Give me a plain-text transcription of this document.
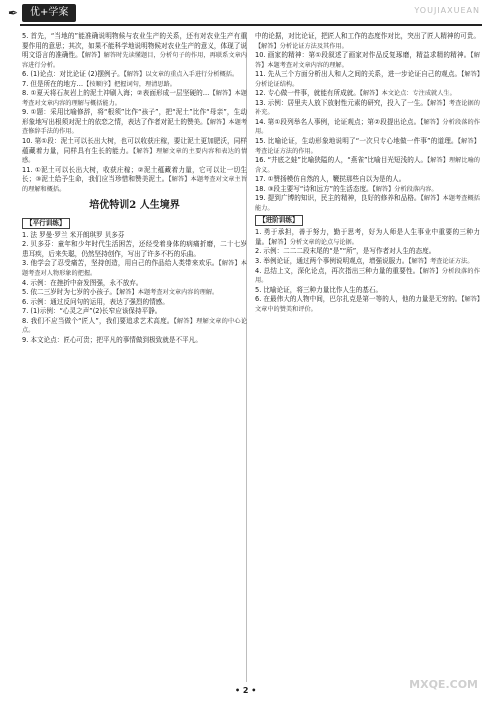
✒ 优+学案	YOUJIAXUEAN
5. 首先，“当地的”能准确说明物候与农业生产的关系，还有对农业生产有重要作用的意思；其次，如果不能科学地说明物候对农业生产的意义，体现了说明文语言的准确性。【解答】解答时先读懂题目，分析句子的作用，再联系文章内容进行分析。
6. (1)论点：对比论证 (2)摆例子。【解答】以文章的重点入手进行分析概括。
7. 但是所在的地方…【按顺序】把握词句，理清思路。
8. ①夏天将石灰岩上的泥土冲刷入海；②表面形成一层坚硬的…【解答】本题考查对文章内容的理解与概括能力。
9. ①题：采用比喻修辞，将“根须”比作“孩子”，把“泥土”比作“母亲”，生动形象地写出根须对泥土的依恋之情，表达了作者对泥土的赞美。【解答】本题考查修辞手法的作用。
10. 第①段：泥土可以长出大树，也可以收获庄稼，要让泥土更加肥沃，同样蕴藏着力量，同样具有生长的能力。【解答】理解文章的主要内容和表达的情感。
11. ①泥土可以长出大树，收获庄稼；②泥土蕴藏着力量，它可以让一切生长；③泥土给予生命，我们应当珍惜和赞美泥土。【解答】本题考查对文章主旨的理解和概括。
培优特训2 人生境界
【平行训练】
1. 法 罗曼·罗兰 米开朗琪罗 贝多芬
2. 贝多芬：童年和少年时代生活困苦，还经受着身体的病痛折磨，二十七岁患耳疾，后来失聪，仍然坚持创作，写出了许多不朽的乐曲。
3. 他学会了忍受痛苦，坚持创造，用自己的作品给人类带来欢乐。【解答】本题考查对人物形象的把握。
4. 示例：在挫折中奋发图强，永不放弃。
5. 依二三岁时为七岁的小孩子。【解答】本题考查对文章内容的理解。
6. 示例：通过反问句的运用，表达了强烈的情感。
7. (1)示例：“心灵之声”(2)长窄应该保持平静。
8. 我们不应当做个“匠人”，我们要追求艺术高度。【解答】理解文章的中心论点。
9. 本文论点：匠心可贵；把平凡的事情做到极致就是不平凡。
中的论据，对比论证，把匠人和工作的态度作对比，突出了匠人精神的可贵。【解答】分析论证方法及其作用。
10. 画家的精神：第①段叙述了画家对作品反复琢磨，精益求精的精神。【解答】本题考查对文章内容的理解。
11. 先从三个方面分析出人和人之间的关系，进一步论证自己的观点。【解答】分析论证结构。
12. 专心做一件事，就能有所成就。【解答】本文论点：专注成就人生。
13. 示例：居里夫人放下放射性元素的研究，投入了一生。【解答】考查论据的补充。
14. 第①段列举名人事例，论证观点；第②段提出论点。【解答】分析段落的作用。
15. 比喻论证，生动形象地说明了“一次只专心地做一件事”的道理。【解答】考查论证方法的作用。
16. “井底之蛙”比喻狭隘的人，“燕雀”比喻目光短浅的人。【解答】理解比喻的含义。
17. ①赞扬模仿自然的人，鞭挞那些自以为是的人。
18. ③段主要写“诗和远方”的生活态度。【解答】分析段落内容。
19. 提到广博的知识，民主的精神，良好的修养和品格。【解答】本题考查概括能力。
【进阶训练】
1. 勇于承担，善于努力，勤于思考，好为人师是人生事业中重要的三种力量。【解答】分析文章的论点与论据。
2. 示例：二二二段末尾的“是”“所”，是写作者对人生的态度。
3. 举例论证，通过两个事例说明观点，增强说服力。【解答】考查论证方法。
4. 总结上文，深化论点，再次指出三种力量的重要性。【解答】分析段落的作用。
5. 比喻论证，将三种力量比作人生的基石。
6. 在最伟大的人物中间，巴尔扎克是第一等的人，他的力量是无穷的。【解答】文章中的赞美和评价。
• 2 •	MXQE.COM
